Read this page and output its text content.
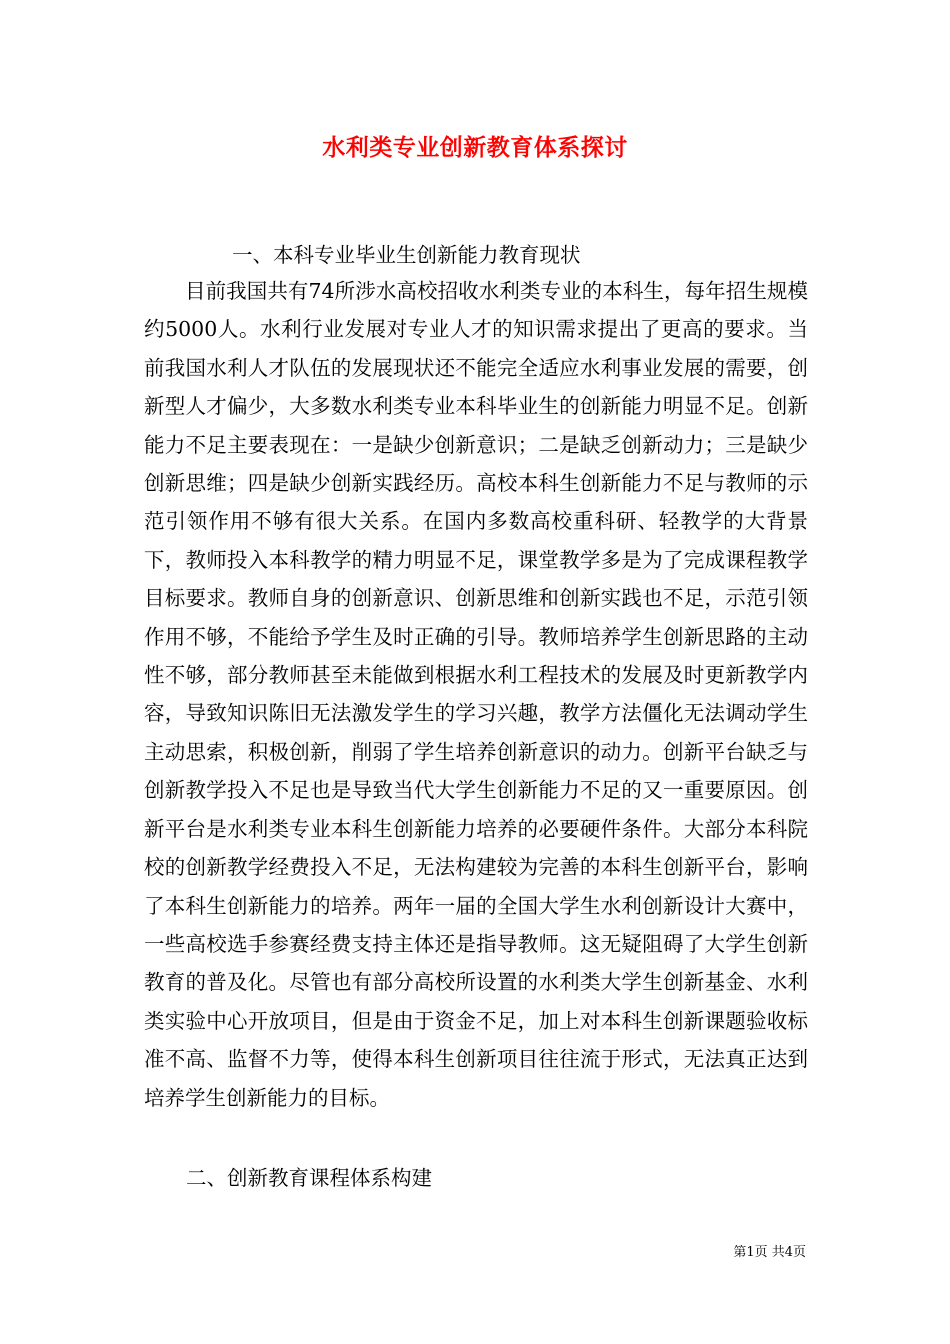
水利类专业创新教育体系探讨
一、本科专业毕业生创新能力教育现状

目前我国共有74所涉水高校招收水利类专业的本科生，每年招生规模约5000人。水利行业发展对专业人才的知识需求提出了更高的要求。当前我国水利人才队伍的发展现状还不能完全适应水利事业发展的需要，创新型人才偏少，大多数水利类专业本科毕业生的创新能力明显不足。创新能力不足主要表现在：一是缺少创新意识；二是缺乏创新动力；三是缺少创新思维；四是缺少创新实践经历。高校本科生创新能力不足与教师的示范引领作用不够有很大关系。在国内多数高校重科研、轻教学的大背景下，教师投入本科教学的精力明显不足，课堂教学多是为了完成课程教学目标要求。教师自身的创新意识、创新思维和创新实践也不足，示范引领作用不够，不能给予学生及时正确的引导。教师培养学生创新思路的主动性不够，部分教师甚至未能做到根据水利工程技术的发展及时更新教学内容，导致知识陈旧无法激发学生的学习兴趣，教学方法僵化无法调动学生主动思索，积极创新，削弱了学生培养创新意识的动力。创新平台缺乏与创新教学投入不足也是导致当代大学生创新能力不足的又一重要原因。创新平台是水利类专业本科生创新能力培养的必要硬件条件。大部分本科院校的创新教学经费投入不足，无法构建较为完善的本科生创新平台，影响了本科生创新能力的培养。两年一届的全国大学生水利创新设计大赛中，一些高校选手参赛经费支持主体还是指导教师。这无疑阻碍了大学生创新教育的普及化。尽管也有部分高校所设置的水利类大学生创新基金、水利类实验中心开放项目，但是由于资金不足，加上对本科生创新课题验收标准不高、监督不力等，使得本科生创新项目往往流于形式，无法真正达到培养学生创新能力的目标。

二、创新教育课程体系构建
第1页 共4页
